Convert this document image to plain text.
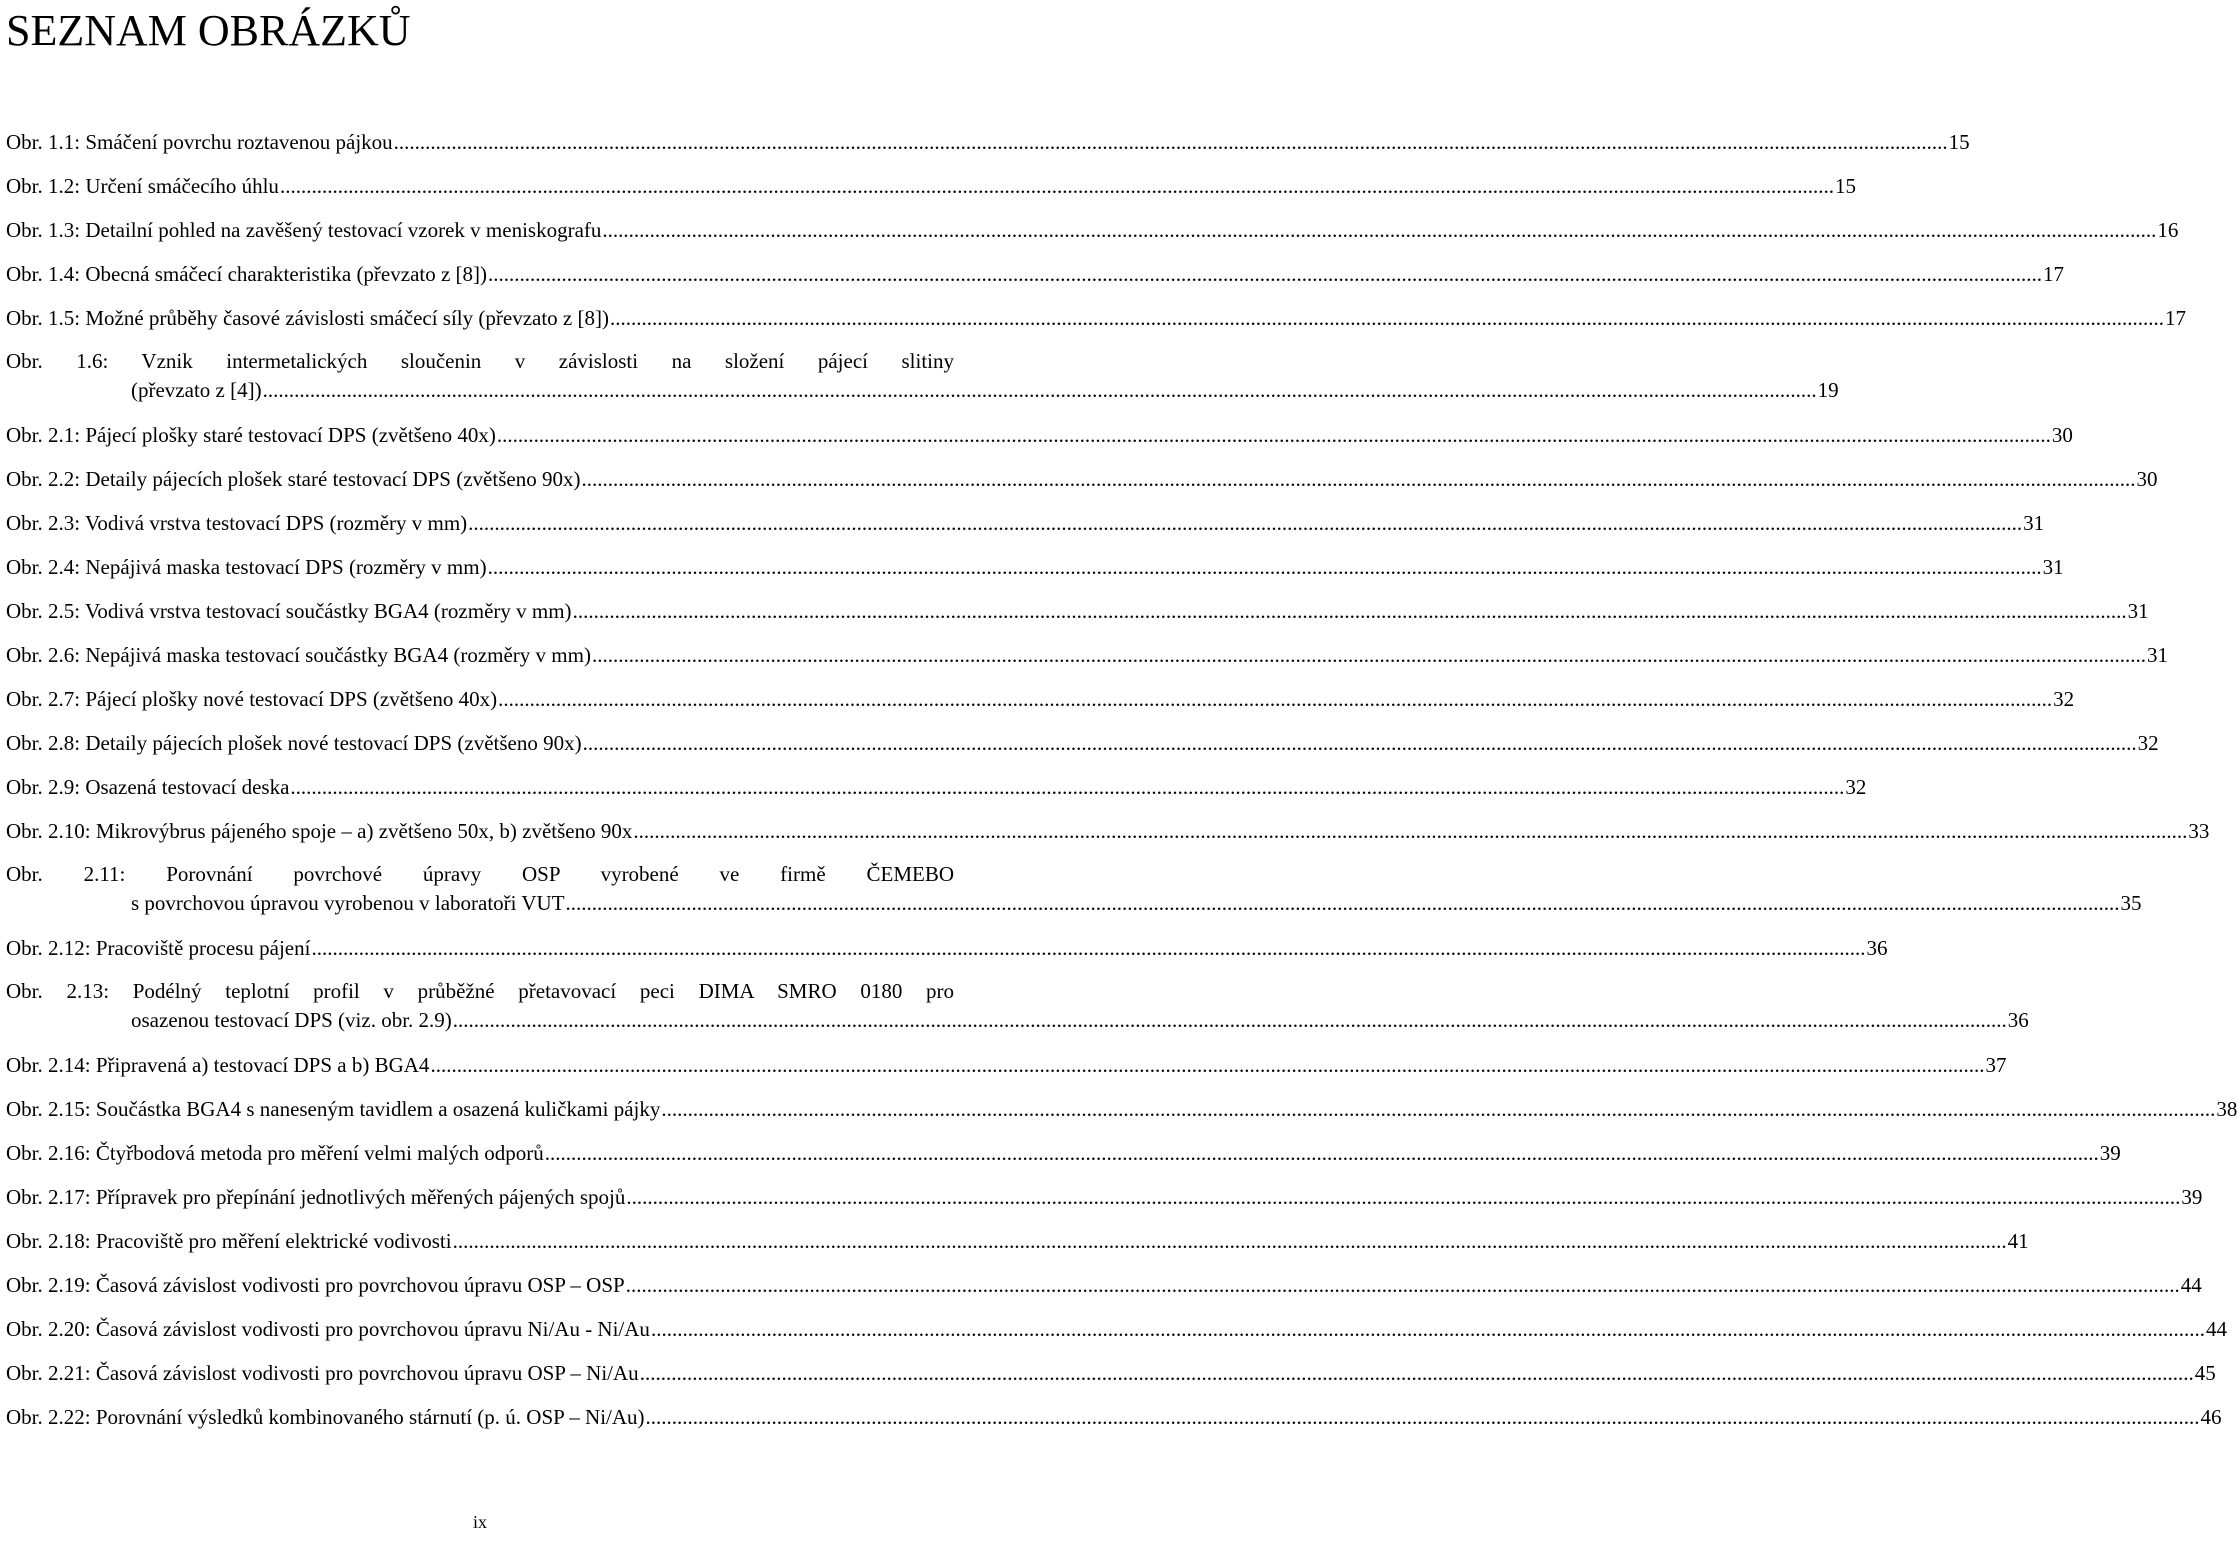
SEZNAM OBRÁZKŮ
Obr. 1.1: Smáčení povrchu roztavenou pájkou .....	15
Obr. 1.2: Určení smáčecího úhlu .....	15
Obr. 1.3: Detailní pohled na zavěšený testovací vzorek v meniskografu .....	16
Obr. 1.4: Obecná smáčecí charakteristika (převzato z [8]) .....	17
Obr. 1.5: Možné průběhy časové závislosti smáčecí síly (převzato z [8]) .....	17
Obr. 1.6: Vznik intermetalických sloučenin v závislosti na složení pájecí slitiny
(převzato z [4]) .....	19
Obr. 2.1: Pájecí plošky staré testovací DPS (zvětšeno 40x) .....	30
Obr. 2.2: Detaily pájecích plošek staré testovací DPS (zvětšeno 90x) .....	30
Obr. 2.3: Vodivá vrstva testovací DPS (rozměry v mm) .....	31
Obr. 2.4: Nepájivá maska testovací DPS (rozměry v mm) .....	31
Obr. 2.5: Vodivá vrstva testovací součástky BGA4 (rozměry v mm) .....	31
Obr. 2.6: Nepájivá maska testovací součástky BGA4 (rozměry v mm) .....	31
Obr. 2.7: Pájecí plošky nové testovací DPS (zvětšeno 40x) .....	32
Obr. 2.8: Detaily pájecích plošek nové testovací DPS (zvětšeno 90x) .....	32
Obr. 2.9: Osazená testovací deska .....	32
Obr. 2.10: Mikrovýbrus pájeného spoje – a) zvětšeno 50x, b) zvětšeno 90x .....	33
Obr. 2.11: Porovnání povrchové úpravy OSP vyrobené ve firmě ČEMEBO
s povrchovou úpravou vyrobenou v laboratoři VUT .....	35
Obr. 2.12: Pracoviště procesu pájení .....	36
Obr. 2.13: Podélný teplotní profil v průběžné přetavovací peci DIMA SMRO 0180 pro
osazenou testovací DPS (viz. obr. 2.9) .....	36
Obr. 2.14: Připravená a) testovací DPS a b) BGA4 .....	37
Obr. 2.15: Součástka BGA4 s naneseným tavidlem a osazená kuličkami pájky .....	38
Obr. 2.16: Čtyřbodová metoda pro měření velmi malých odporů .....	39
Obr. 2.17: Přípravek pro přepínání jednotlivých měřených pájených spojů .....	39
Obr. 2.18: Pracoviště pro měření elektrické vodivosti .....	41
Obr. 2.19: Časová závislost vodivosti pro povrchovou úpravu OSP – OSP .....	44
Obr. 2.20: Časová závislost vodivosti pro povrchovou úpravu Ni/Au - Ni/Au .....	44
Obr. 2.21: Časová závislost vodivosti pro povrchovou úpravu OSP – Ni/Au .....	45
Obr. 2.22: Porovnání výsledků kombinovaného stárnutí (p. ú. OSP – Ni/Au) .....	46
ix
